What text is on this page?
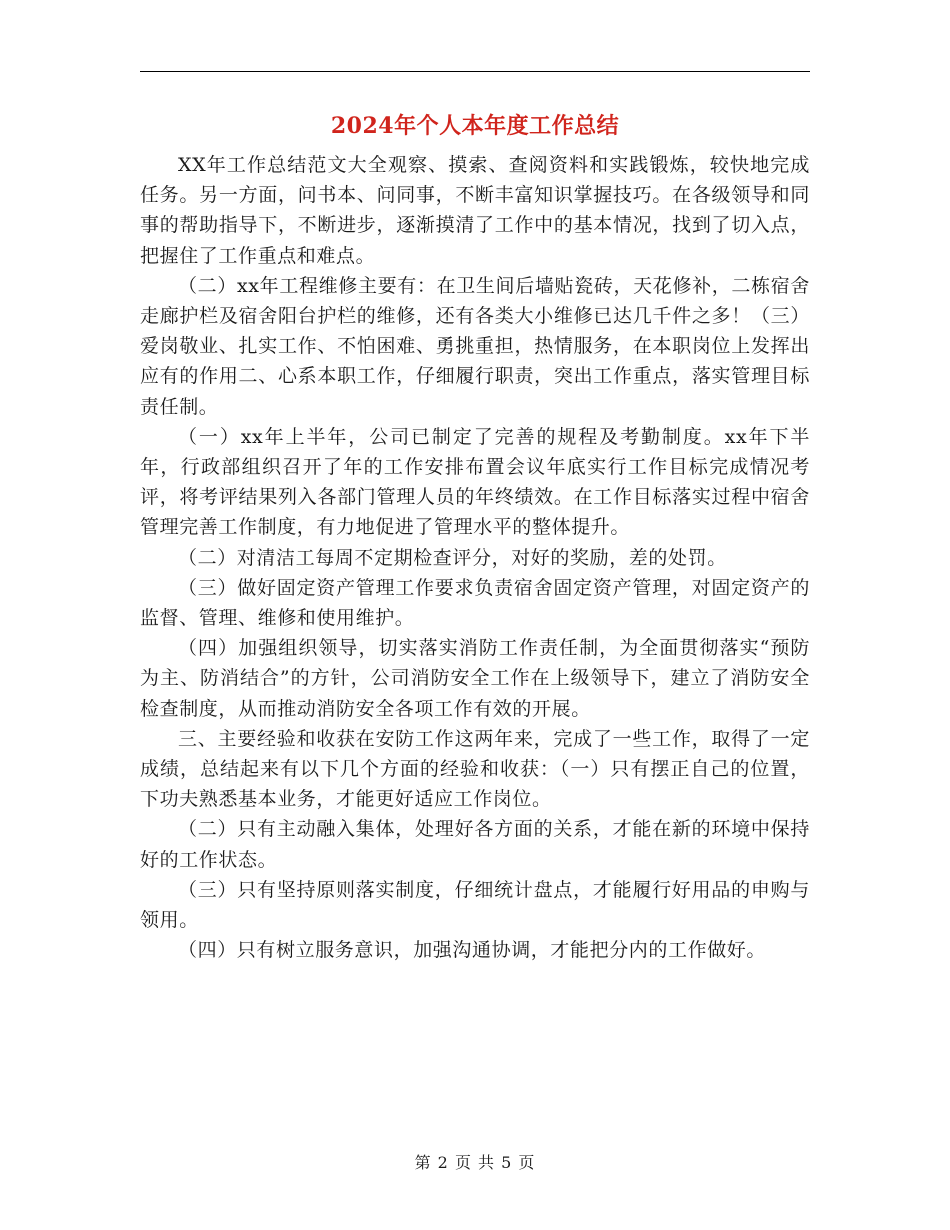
2024年个人本年度工作总结

XX年工作总结范文大全观察、摸索、查阅资料和实践锻炼，较快地完成任务。另一方面，问书本、问同事，不断丰富知识掌握技巧。在各级领导和同事的帮助指导下，不断进步，逐渐摸清了工作中的基本情况，找到了切入点，把握住了工作重点和难点。

（二）xx年工程维修主要有：在卫生间后墙贴瓷砖，天花修补，二栋宿舍走廊护栏及宿舍阳台护栏的维修，还有各类大小维修已达几千件之多！（三）爱岗敬业、扎实工作、不怕困难、勇挑重担，热情服务，在本职岗位上发挥出应有的作用二、心系本职工作，仔细履行职责，突出工作重点，落实管理目标责任制。

（一）xx年上半年，公司已制定了完善的规程及考勤制度。xx年下半年，行政部组织召开了年的工作安排布置会议年底实行工作目标完成情况考评，将考评结果列入各部门管理人员的年终绩效。在工作目标落实过程中宿舍管理完善工作制度，有力地促进了管理水平的整体提升。

（二）对清洁工每周不定期检查评分，对好的奖励，差的处罚。

（三）做好固定资产管理工作要求负责宿舍固定资产管理，对固定资产的监督、管理、维修和使用维护。

（四）加强组织领导，切实落实消防工作责任制，为全面贯彻落实“预防为主、防消结合”的方针，公司消防安全工作在上级领导下，建立了消防安全检查制度，从而推动消防安全各项工作有效的开展。

三、主要经验和收获在安防工作这两年来，完成了一些工作，取得了一定成绩，总结起来有以下几个方面的经验和收获：（一）只有摆正自己的位置，下功夫熟悉基本业务，才能更好适应工作岗位。

（二）只有主动融入集体，处理好各方面的关系，才能在新的环境中保持好的工作状态。

（三）只有坚持原则落实制度，仔细统计盘点，才能履行好用品的申购与领用。

（四）只有树立服务意识，加强沟通协调，才能把分内的工作做好。

第 2 页 共 5 页
